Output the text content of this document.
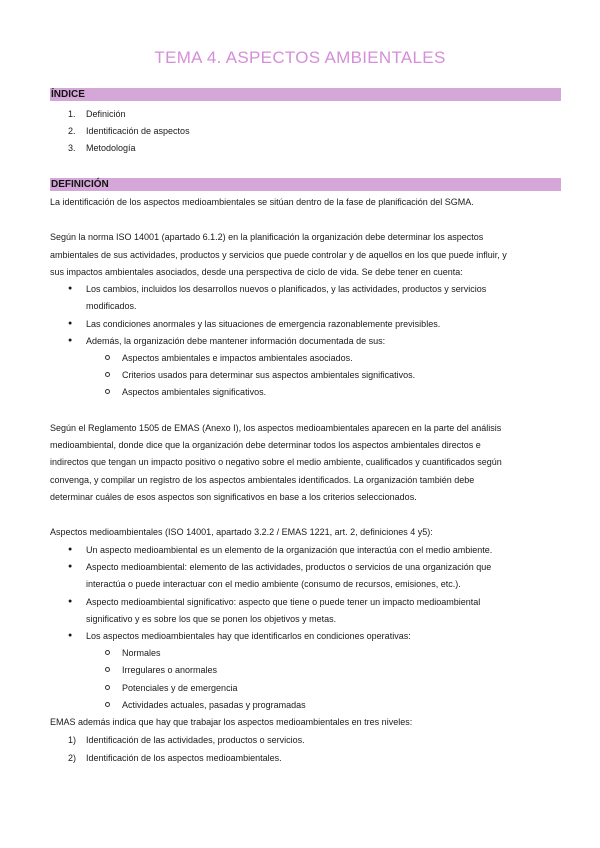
TEMA 4. ASPECTOS AMBIENTALES
ÍNDICE
1. Definición
2. Identificación de aspectos
3. Metodología
DEFINICIÓN
La identificación de los aspectos medioambientales se sitúan dentro de la fase de planificación del SGMA.
Según la norma ISO 14001 (apartado 6.1.2) en la planificación la organización debe determinar los aspectos
ambientales de sus actividades, productos y servicios que puede controlar y de aquellos en los que puede influir, y
sus impactos ambientales asociados, desde una perspectiva de ciclo de vida. Se debe tener en cuenta:
● Los cambios, incluidos los desarrollos nuevos o planificados, y las actividades, productos y servicios
modificados.
● Las condiciones anormales y las situaciones de emergencia razonablemente previsibles.
● Además, la organización debe mantener información documentada de sus:
Aspectos ambientales e impactos ambientales asociados.
Criterios usados para determinar sus aspectos ambientales significativos.
Aspectos ambientales significativos.
Según el Reglamento 1505 de EMAS (Anexo I), los aspectos medioambientales aparecen en la parte del análisis
medioambiental, donde dice que la organización debe determinar todos los aspectos ambientales directos e
indirectos que tengan un impacto positivo o negativo sobre el medio ambiente, cualificados y cuantificados según
convenga, y compilar un registro de los aspectos ambientales identificados. La organización también debe
determinar cuáles de esos aspectos son significativos en base a los criterios seleccionados.
Aspectos medioambientales (ISO 14001, apartado 3.2.2 / EMAS 1221, art. 2, definiciones 4 y5):
● Un aspecto medioambiental es un elemento de la organización que interactúa con el medio ambiente.
● Aspecto medioambiental: elemento de las actividades, productos o servicios de una organización que
interactúa o puede interactuar con el medio ambiente (consumo de recursos, emisiones, etc.).
● Aspecto medioambiental significativo: aspecto que tiene o puede tener un impacto medioambiental
significativo y es sobre los que se ponen los objetivos y metas.
● Los aspectos medioambientales hay que identificarlos en condiciones operativas:
Normales
Irregulares o anormales
Potenciales y de emergencia
Actividades actuales, pasadas y programadas
EMAS además indica que hay que trabajar los aspectos medioambientales en tres niveles:
1) Identificación de las actividades, productos o servicios.
2) Identificación de los aspectos medioambientales.
